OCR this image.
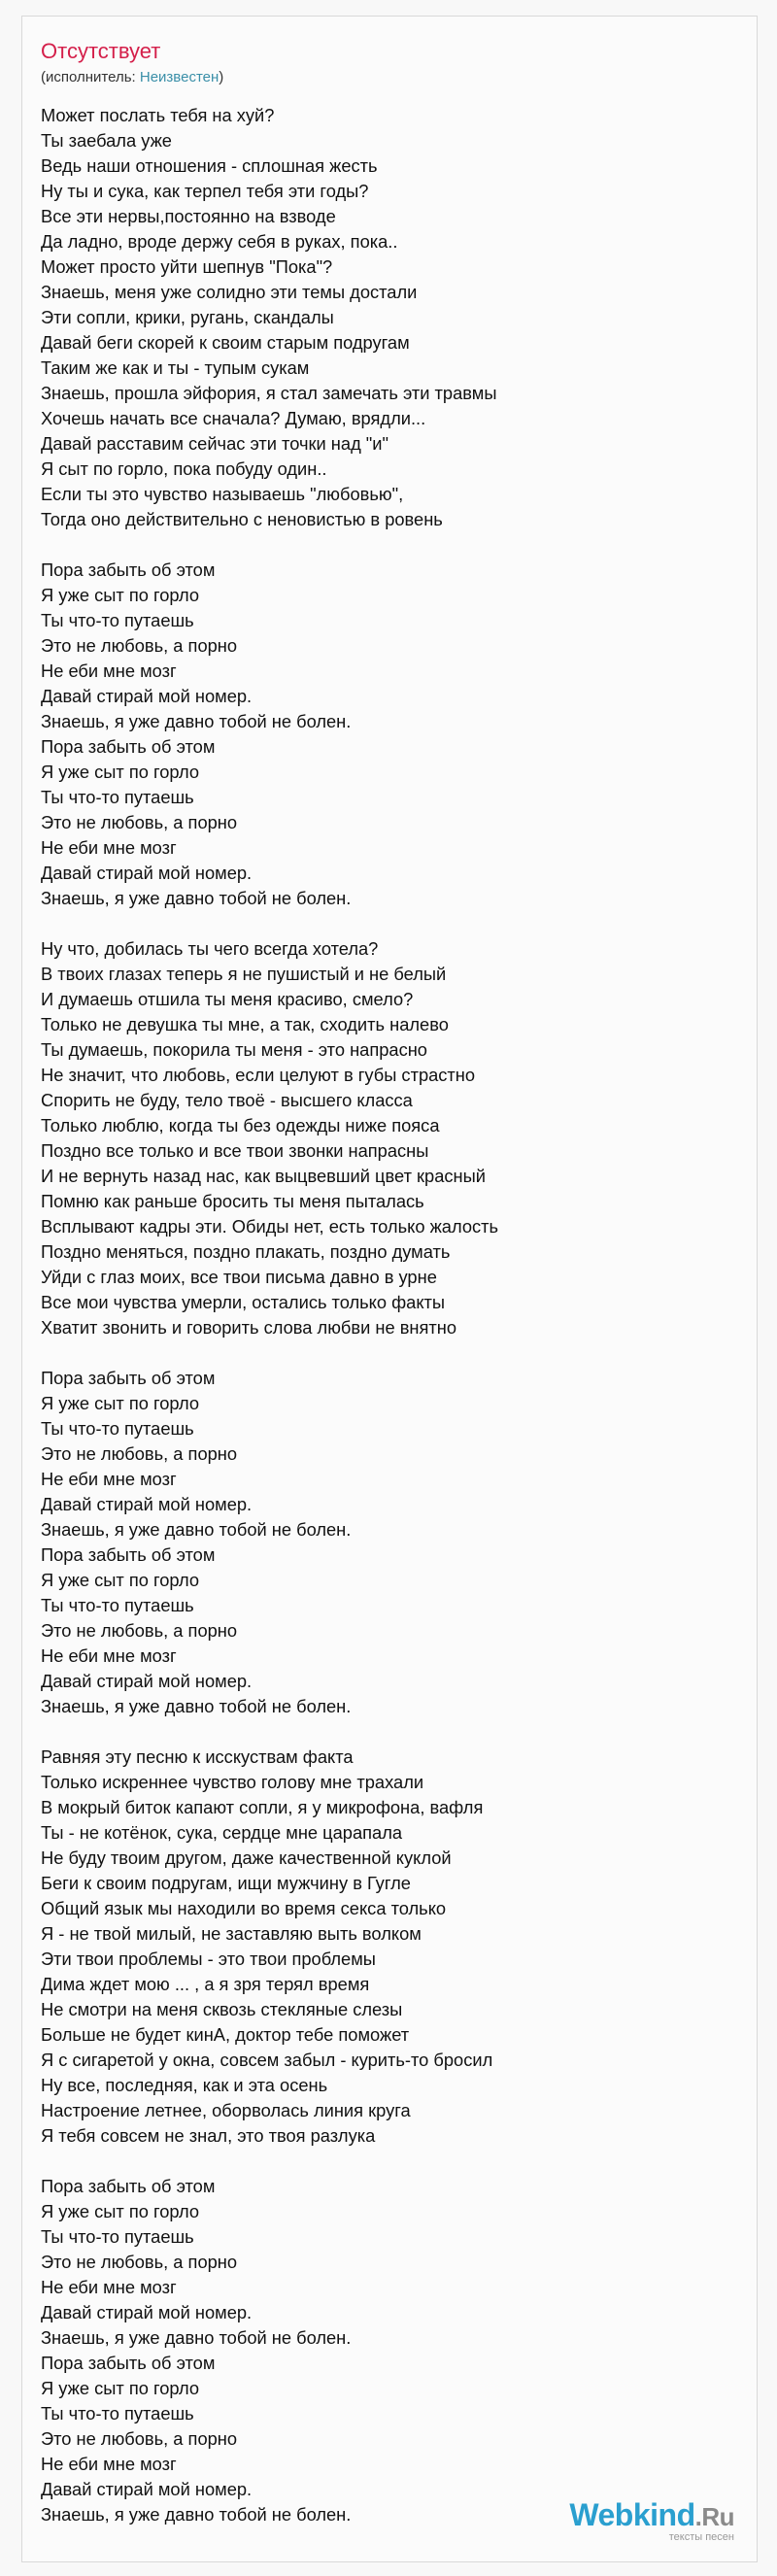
Отсутствует
(исполнитель: Неизвестен)
Может послать тебя на хуй?
Ты заебала уже
Ведь наши отношения - сплошная жесть
Ну ты и сука, как терпел тебя эти годы?
Все эти нервы,постоянно на взводе
Да ладно, вроде держу себя в руках, пока..
Может просто уйти шепнув "Пока"?
Знаешь, меня уже солидно эти темы достали
Эти сопли, крики, ругань, скандалы
Давай беги скорей к своим старым подругам
Таким же как и ты - тупым сукам
Знаешь, прошла эйфория, я стал замечать эти травмы
Хочешь начать все сначала? Думаю, врядли...
Давай расставим сейчас эти точки над "и"
Я сыт по горло, пока побуду один..
Если ты это чувство называешь "любовью",
Тогда оно действительно с неновистью в ровень
Пора забыть об этом
Я уже сыт по горло
Ты что-то путаешь
Это не любовь, а порно
Не еби мне мозг
Давай стирай мой номер.
Знаешь, я уже давно тобой не болен.
Пора забыть об этом
Я уже сыт по горло
Ты что-то путаешь
Это не любовь, а порно
Не еби мне мозг
Давай стирай мой номер.
Знаешь, я уже давно тобой не болен.
Ну что, добилась ты чего всегда хотела?
В твоих глазах теперь я не пушистый и не белый
И думаешь отшила ты меня красиво, смело?
Только не девушка ты мне, а так, сходить налево
Ты думаешь, покорила ты меня - это напрасно
Не значит, что любовь, если целуют в губы страстно
Спорить не буду, тело твоё - высшего класса
Только люблю, когда ты без одежды ниже пояса
Поздно все только и все твои звонки напрасны
И не вернуть назад нас, как выцвевший цвет красный
Помню как раньше бросить ты меня пыталась
Всплывают кадры эти. Обиды нет, есть только жалость
Поздно меняться, поздно плакать, поздно думать
Уйди с глаз моих, все твои письма давно в урне
Все мои чувства умерли, остались только факты
Хватит звонить и говорить слова любви не внятно
Пора забыть об этом
Я уже сыт по горло
Ты что-то путаешь
Это не любовь, а порно
Не еби мне мозг
Давай стирай мой номер.
Знаешь, я уже давно тобой не болен.
Пора забыть об этом
Я уже сыт по горло
Ты что-то путаешь
Это не любовь, а порно
Не еби мне мозг
Давай стирай мой номер.
Знаешь, я уже давно тобой не болен.
Равняя эту песню к исскуствам факта
Только искреннее чувство голову мне трахали
В мокрый биток капают сопли, я у микрофона, вафля
Ты - не котёнок, сука, сердце мне царапала
Не буду твоим другом, даже качественной куклой
Беги к своим подругам, ищи мужчину в Гугле
Общий язык мы находили во время секса только
Я - не твой милый, не заставляю выть волком
Эти твои проблемы - это твои проблемы
Дима ждет мою ... , а я зря терял время
Не смотри на меня сквозь стекляные слезы
Больше не будет кинА, доктор тебе поможет
Я с сигаретой у окна, совсем забыл - курить-то бросил
Ну все, последняя, как и эта осень
Настроение летнее, оборволась линия круга
Я тебя совсем не знал, это твоя разлука
Пора забыть об этом
Я уже сыт по горло
Ты что-то путаешь
Это не любовь, а порно
Не еби мне мозг
Давай стирай мой номер.
Знаешь, я уже давно тобой не болен.
Пора забыть об этом
Я уже сыт по горло
Ты что-то путаешь
Это не любовь, а порно
Не еби мне мозг
Давай стирай мой номер.
Знаешь, я уже давно тобой не болен.	Webkind.Ru
тексты песен
